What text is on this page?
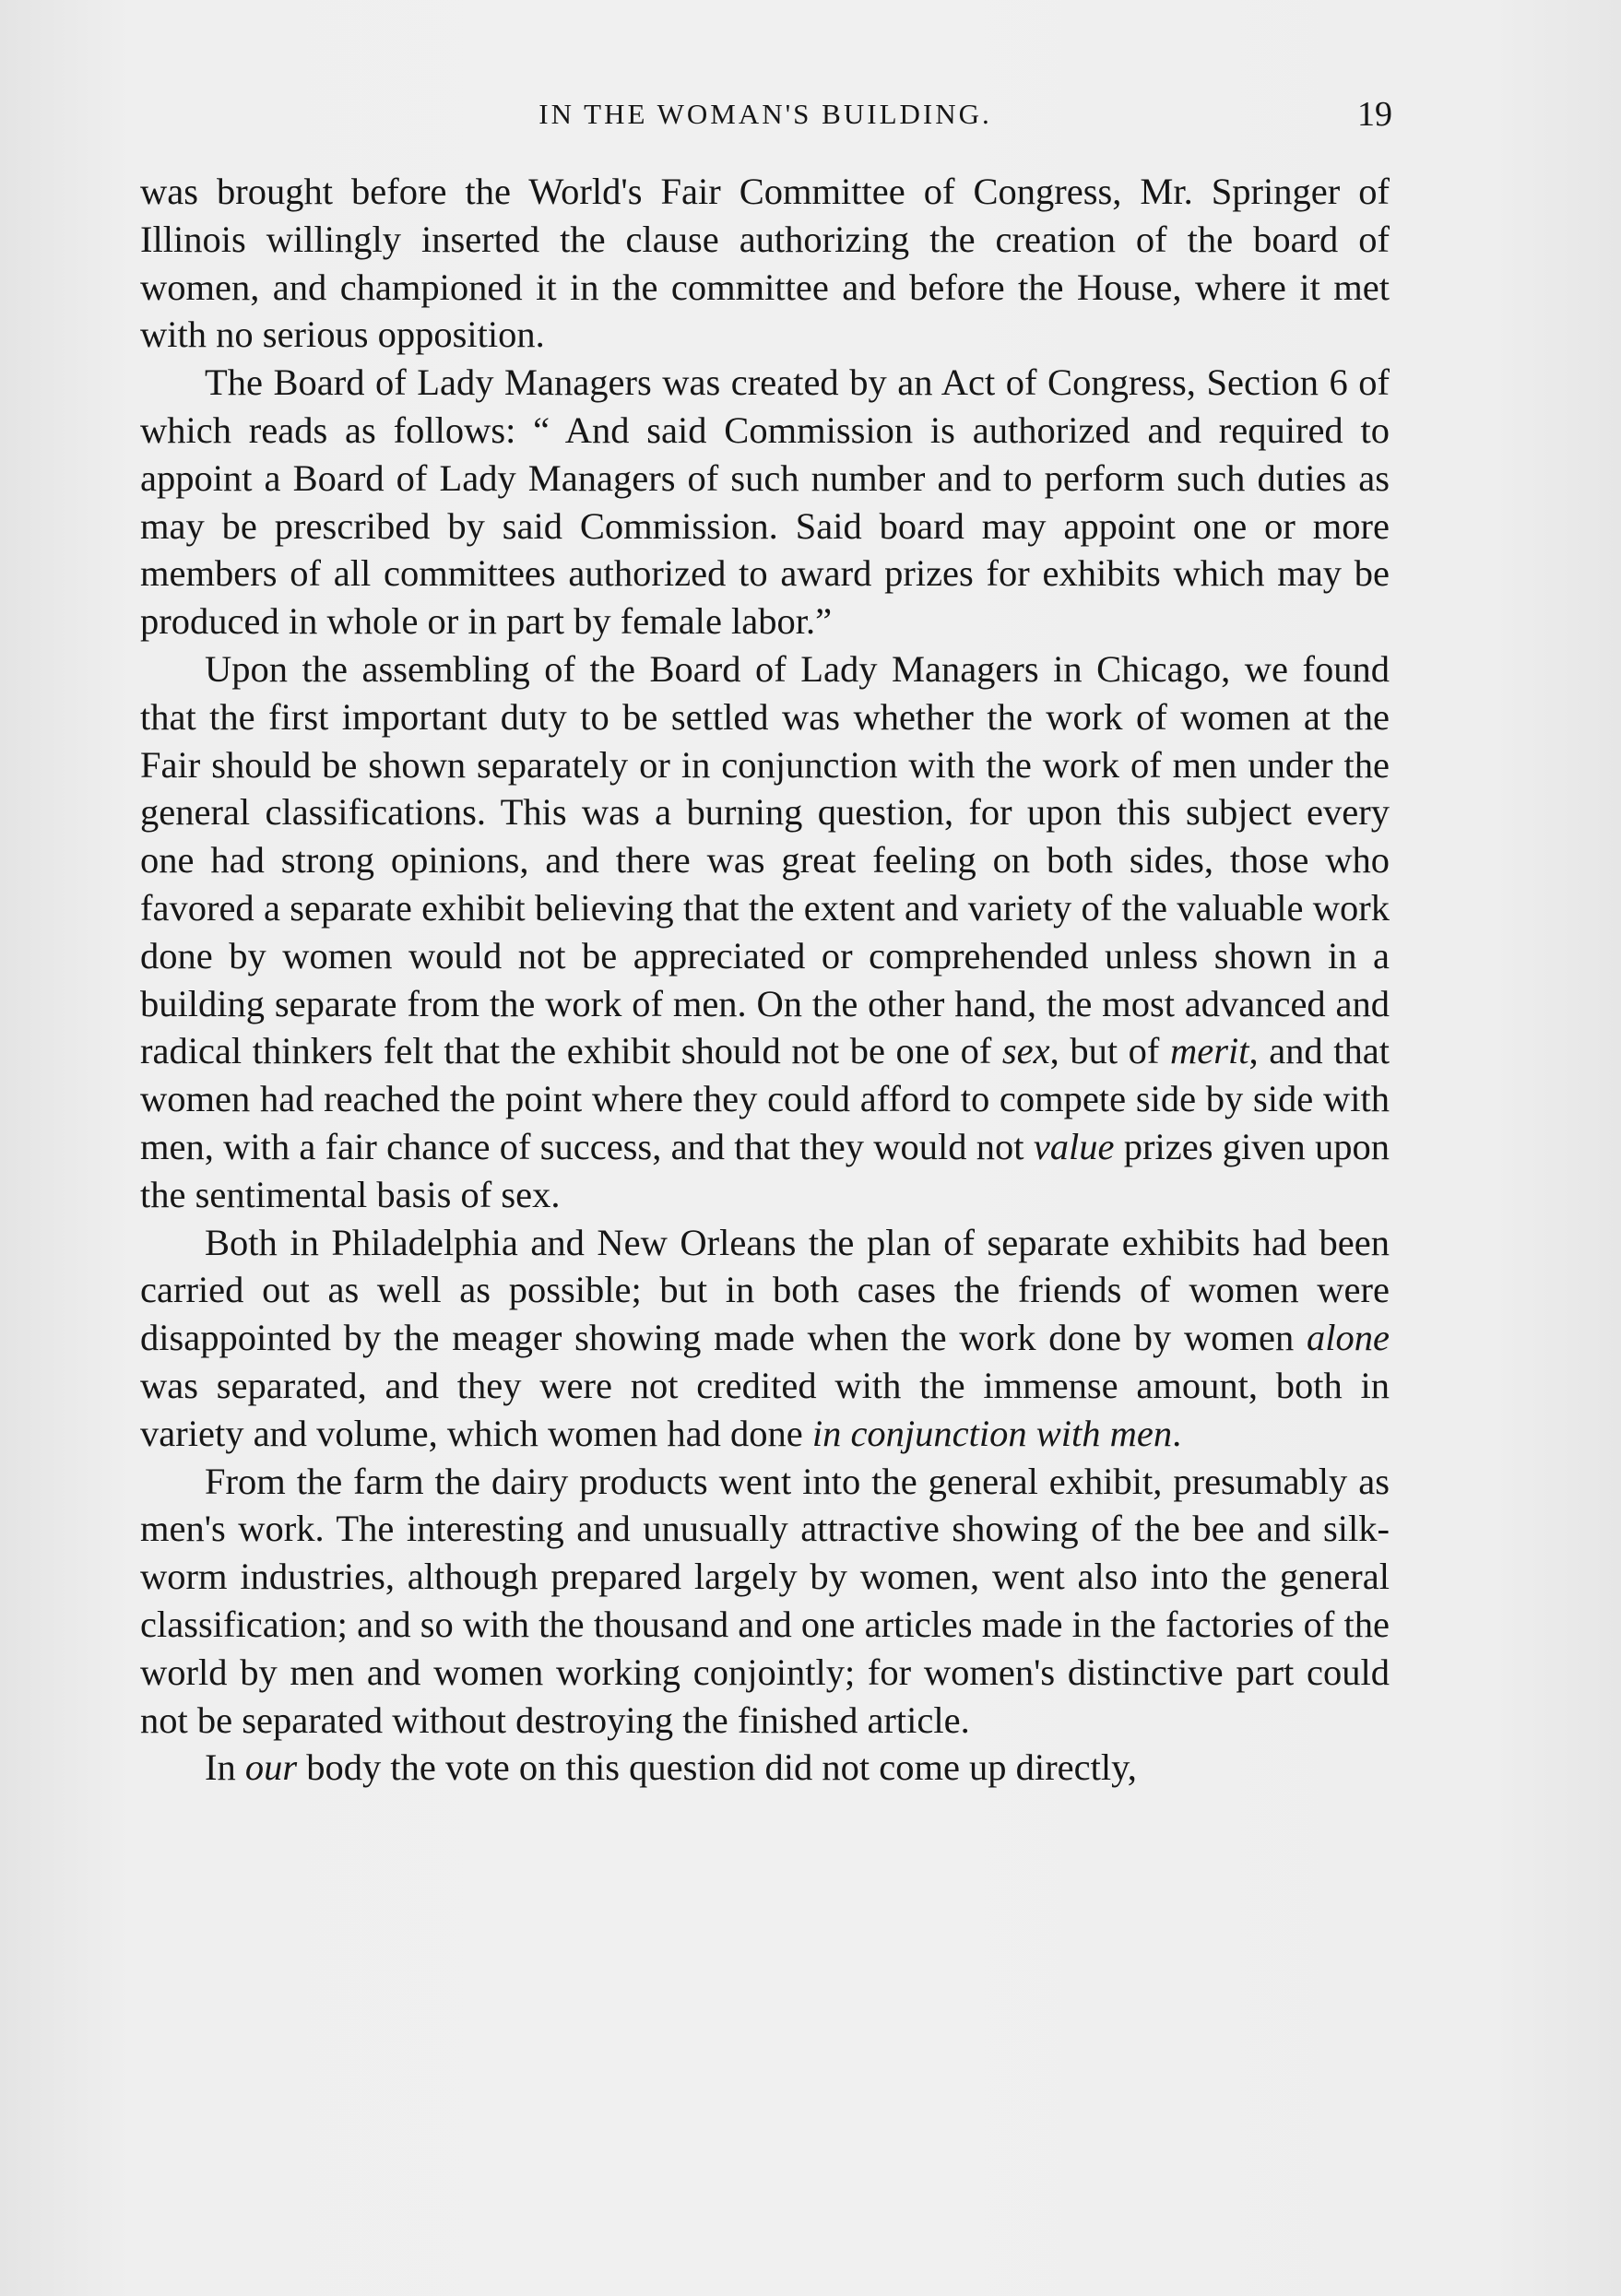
IN THE WOMAN'S BUILDING.	19

was brought before the World's Fair Committee of Congress, Mr. Springer of Illinois willingly inserted the clause authorizing the creation of the board of women, and championed it in the committee and before the House, where it met with no serious opposition.

The Board of Lady Managers was created by an Act of Congress, Section 6 of which reads as follows: “ And said Commission is authorized and required to appoint a Board of Lady Managers of such number and to perform such duties as may be prescribed by said Commission. Said board may appoint one or more members of all committees authorized to award prizes for exhibits which may be produced in whole or in part by female labor.”

Upon the assembling of the Board of Lady Managers in Chicago, we found that the first important duty to be settled was whether the work of women at the Fair should be shown separately or in conjunction with the work of men under the general classifications. This was a burning question, for upon this subject every one had strong opinions, and there was great feeling on both sides, those who favored a separate exhibit believing that the extent and variety of the valuable work done by women would not be appreciated or comprehended unless shown in a building separate from the work of men. On the other hand, the most advanced and radical thinkers felt that the exhibit should not be one of sex, but of merit, and that women had reached the point where they could afford to compete side by side with men, with a fair chance of success, and that they would not value prizes given upon the sentimental basis of sex.

Both in Philadelphia and New Orleans the plan of separate exhibits had been carried out as well as possible; but in both cases the friends of women were disappointed by the meager showing made when the work done by women alone was separated, and they were not credited with the immense amount, both in variety and volume, which women had done in conjunction with men.

From the farm the dairy products went into the general exhibit, presumably as men's work. The interesting and unusually attractive showing of the bee and silk-worm industries, although prepared largely by women, went also into the general classification; and so with the thousand and one articles made in the factories of the world by men and women working conjointly; for women's distinctive part could not be separated without destroying the finished article.

In our body the vote on this question did not come up directly,
